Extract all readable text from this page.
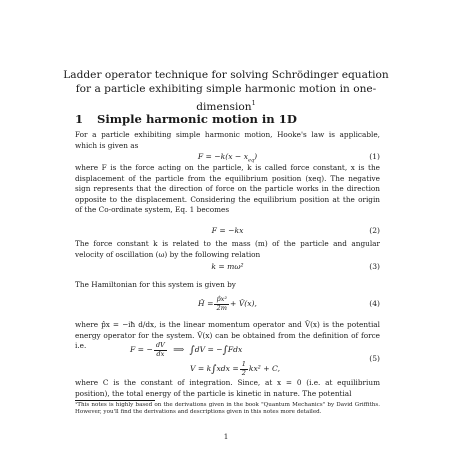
Ladder operator technique for solving Schrödinger equation for a particle exhibiting simple harmonic motion in one-dimension$^1$
1 Simple harmonic motion in 1D
For a particle exhibiting simple harmonic motion, Hooke's law is applicable, which is given as
$F = -k(x - x_{eq})$	(1)
where F is the force acting on the particle, k is called force constant, x is the displacement of the particle from the equilibrium position (xeq). The negative sign represents that the direction of force on the particle works in the direction opposite to the displacement. Considering the equilibrium position at the origin of the Co-ordinate system, Eq. 1 becomes
F = −kx	(2)
The force constant k is related to the mass (m) of the particle and angular velocity of oscillation (ω) by the following relation
k = mω²	(3)
The Hamiltonian for this system is given by
Ĥ = $\frac{\text{p̂x²}}{2m}$ + V̂(x),	(4)
where p̂x = −iħ d/dx, is the linear momentum operator and V̂(x) is the potential energy operator for the system. V̂(x) can be obtained from the definition of force i.e.	F = − $\frac{dV}{dx}$ ⟹ ∫dV = −∫Fdx
$V = k\int xdx = \frac{1}{2} kx^2 + C$,
(5)
where C is the constant of integration. Since, at x = 0 (i.e. at equilibrium position), the total energy of the particle is kinetic in nature. The potential
¹This notes is highly based on the derivations given in the book "Quantum Mechanics" by David Griffiths. However, you'll find the derivations and descriptions given in this notes more detailed.
1
